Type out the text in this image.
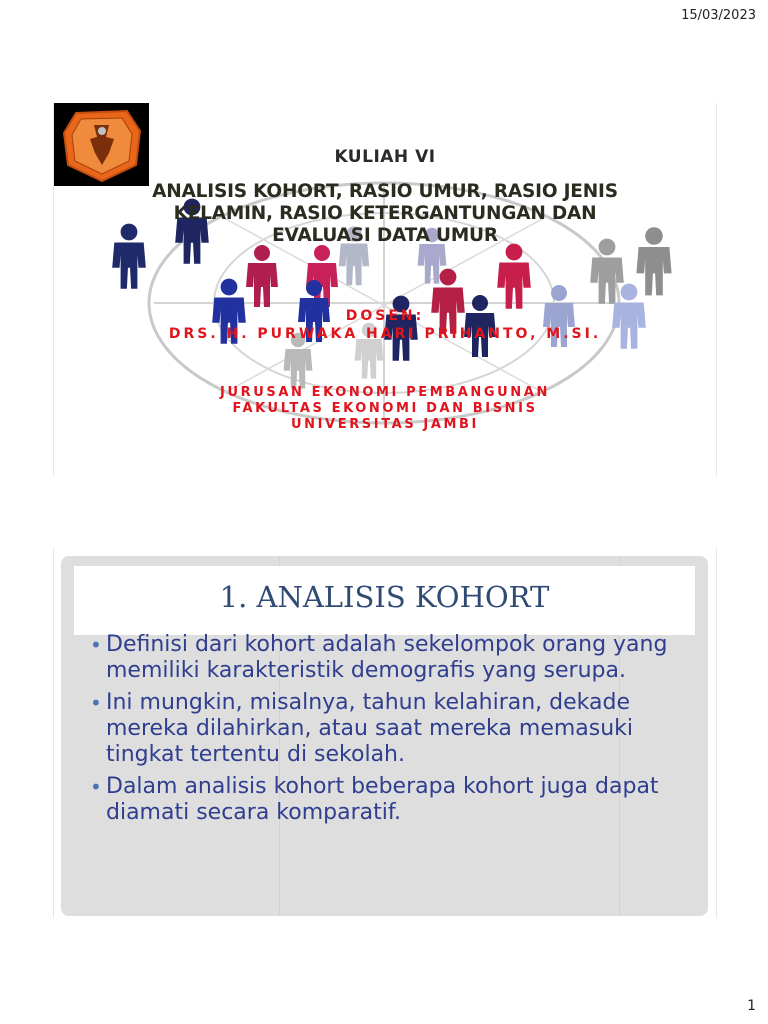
15/03/2023
KULIAH VI
ANALISIS KOHORT, RASIO UMUR, RASIO JENIS
KELAMIN, RASIO KETERGANTUNGAN DAN
EVALUASI DATA UMUR
DOSEN:
DRS. H. PURWAKA HARI PRIHANTO, M.SI.
JURUSAN EKONOMI PEMBANGUNAN
FAKULTAS EKONOMI DAN BISNIS
UNIVERSITAS JAMBI
1. ANALISIS KOHORT
• Definisi dari kohort adalah sekelompok orang yang memiliki karakteristik demografis yang serupa.
• Ini mungkin, misalnya, tahun kelahiran, dekade mereka dilahirkan, atau saat mereka memasuki tingkat tertentu di sekolah.
• Dalam analisis kohort beberapa kohort juga dapat diamati secara komparatif.
1
